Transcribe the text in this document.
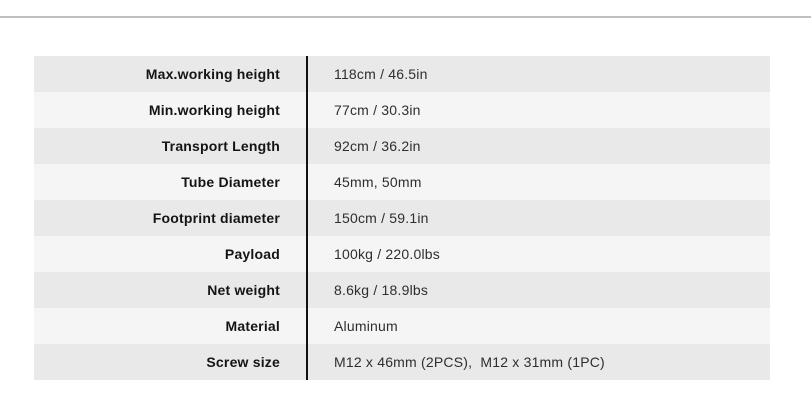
Max.working height	118cm / 46.5in
Min.working height	77cm / 30.3in
Transport Length	92cm / 36.2in
Tube Diameter	45mm, 50mm
Footprint diameter	150cm / 59.1in
Payload	100kg / 220.0lbs
Net weight	8.6kg / 18.9lbs
Material	Aluminum
Screw size	M12 x 46mm (2PCS),  M12 x 31mm (1PC)
